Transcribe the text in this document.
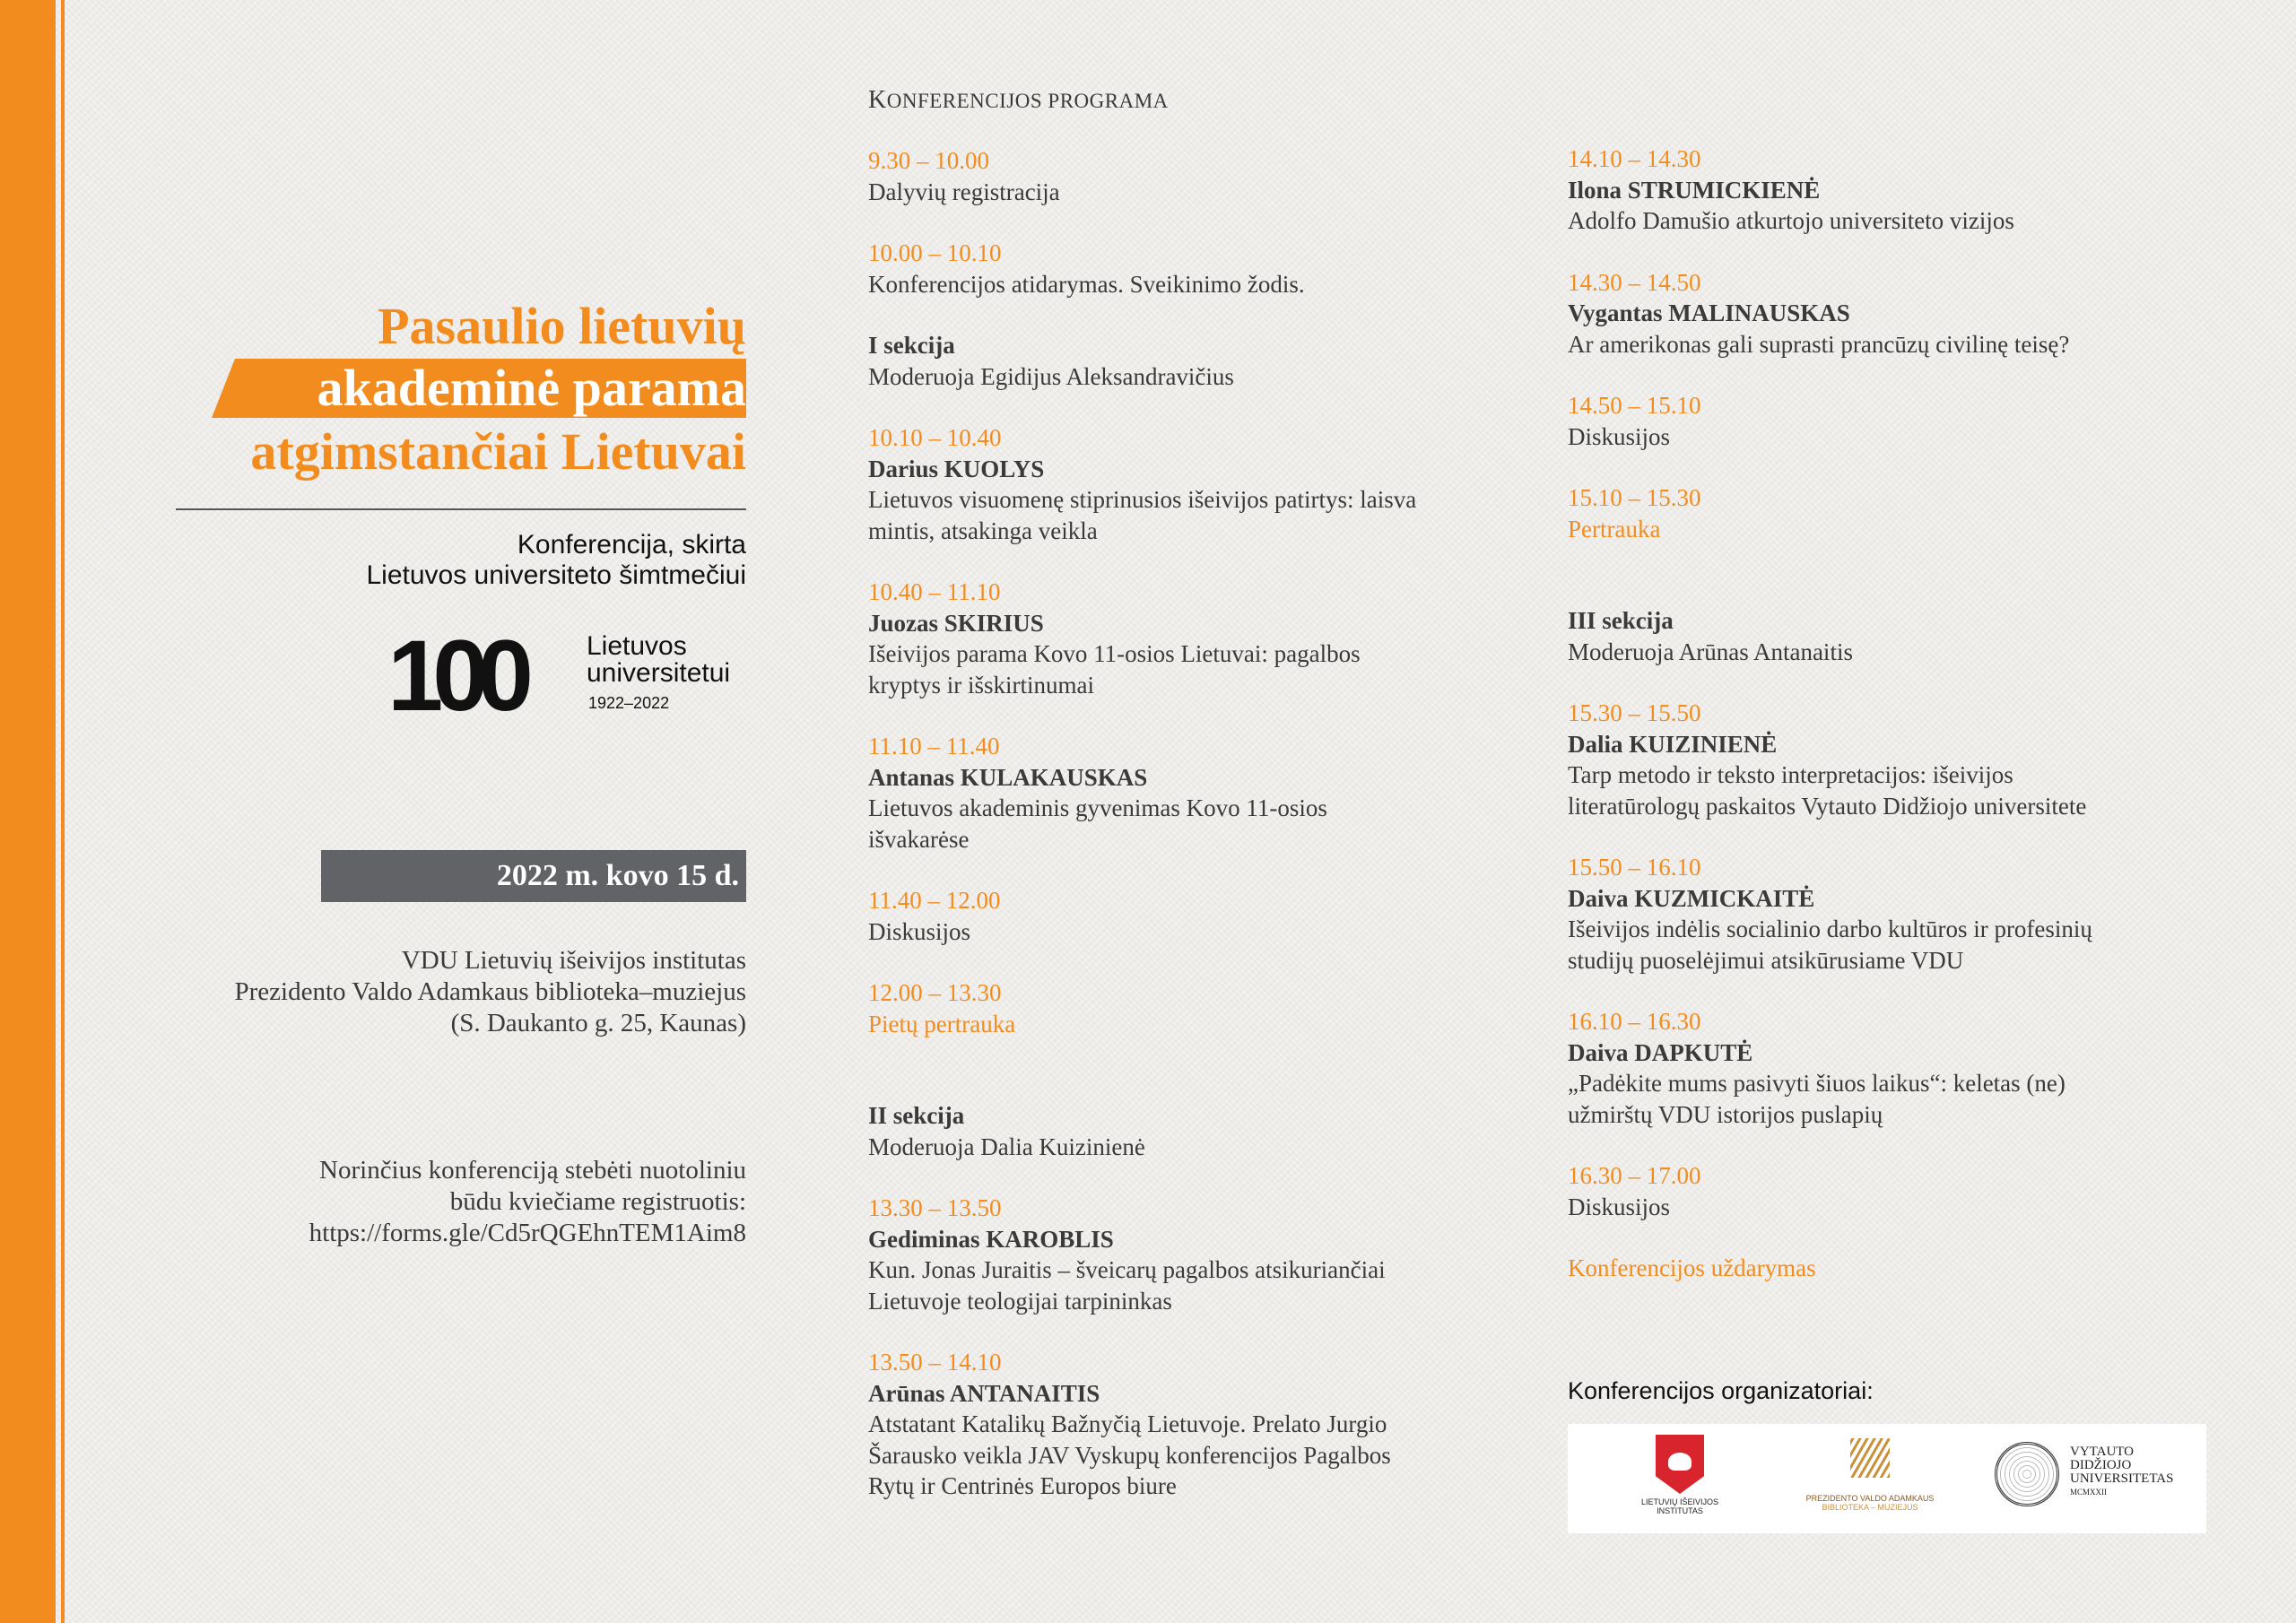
Pasaulio lietuvių
akademinė parama
atgimstančiai Lietuvai
Konferencija, skirta
Lietuvos universiteto šimtmečiui
100 Lietuvos
universitetui
1922–2022
2022 m. kovo 15 d.
VDU Lietuvių išeivijos institutas
Prezidento Valdo Adamkaus biblioteka–muziejus
(S. Daukanto g. 25, Kaunas)
Norinčius konferenciją stebėti nuotoliniu
būdu kviečiame registruotis:
https://forms.gle/Cd5rQGEhnTEM1Aim8
KONFERENCIJOS PROGRAMA
9.30 – 10.00
Dalyvių registracija
10.00 – 10.10
Konferencijos atidarymas. Sveikinimo žodis.
I sekcija
Moderuoja Egidijus Aleksandravičius
10.10 – 10.40
Darius KUOLYS
Lietuvos visuomenę stiprinusios išeivijos patirtys: laisva
mintis, atsakinga veikla
10.40 – 11.10
Juozas SKIRIUS
Išeivijos parama Kovo 11-osios Lietuvai: pagalbos
kryptys ir išskirtinumai
11.10 – 11.40
Antanas KULAKAUSKAS
Lietuvos akademinis gyvenimas Kovo 11-osios
išvakarėse
11.40 – 12.00
Diskusijos
12.00 – 13.30
Pietų pertrauka
II sekcija
Moderuoja Dalia Kuizinienė
13.30 – 13.50
Gediminas KAROBLIS
Kun. Jonas Juraitis – šveicarų pagalbos atsikuriančiai
Lietuvoje teologijai tarpininkas
13.50 – 14.10
Arūnas ANTANAITIS
Atstatant Katalikų Bažnyčią Lietuvoje. Prelato Jurgio
Šarausko veikla JAV Vyskupų konferencijos Pagalbos
Rytų ir Centrinės Europos biure
14.10 – 14.30
Ilona STRUMICKIENĖ
Adolfo Damušio atkurtojo universiteto vizijos
14.30 – 14.50
Vygantas MALINAUSKAS
Ar amerikonas gali suprasti prancūzų civilinę teisę?
14.50 – 15.10
Diskusijos
15.10 – 15.30
Pertrauka
III sekcija
Moderuoja Arūnas Antanaitis
15.30 – 15.50
Dalia KUIZINIENĖ
Tarp metodo ir teksto interpretacijos: išeivijos
literatūrologų paskaitos Vytauto Didžiojo universitete
15.50 – 16.10
Daiva KUZMICKAITĖ
Išeivijos indėlis socialinio darbo kultūros ir profesinių
studijų puoselėjimui atsikūrusiame VDU
16.10 – 16.30
Daiva DAPKUTĖ
„Padėkite mums pasivyti šiuos laikus“: keletas (ne)
užmirštų VDU istorijos puslapių
16.30 – 17.00
Diskusijos
Konferencijos uždarymas
Konferencijos organizatoriai:
LIETUVIŲ IŠEIVIJOS
INSTITUTAS
PREZIDENTO VALDO ADAMKAUS
BIBLIOTEKA – MUZIEJUS
VYTAUTO
DIDŽIOJO
UNIVERSITETAS
MCMXXII
